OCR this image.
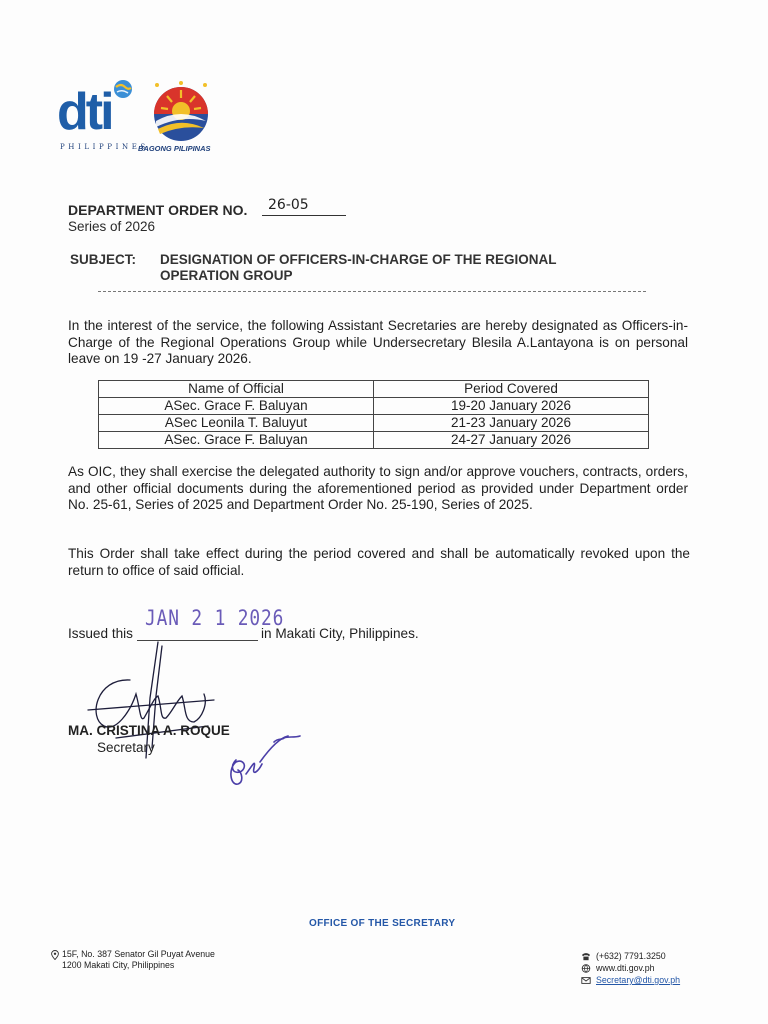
dti
PHILIPPINES
BAGONG PILIPINAS
DEPARTMENT ORDER NO.	26-05
Series of 2026
SUBJECT: DESIGNATION OF OFFICERS-IN-CHARGE OF THE REGIONAL OPERATION GROUP
In the interest of the service, the following Assistant Secretaries are hereby designated as Officers-in-Charge of the Regional Operations Group while Undersecretary Blesila A.Lantayona is on personal leave on 19 -27 January 2026.
Name of Official	Period Covered
ASec. Grace F. Baluyan	19-20 January 2026
ASec Leonila T. Baluyut	21-23 January 2026
ASec. Grace F. Baluyan	24-27 January 2026
As OIC, they shall exercise the delegated authority to sign and/or approve vouchers, contracts, orders, and other official documents during the aforementioned period as provided under Department order No. 25-61, Series of 2025 and Department Order No. 25-190, Series of 2025.
This Order shall take effect during the period covered and shall be automatically revoked upon the return to office of said official.
JAN 2 1 2026
Issued this	in Makati City, Philippines.
MA. CRISTINA A. ROQUE
Secretary
OFFICE OF THE SECRETARY
15F, No. 387 Senator Gil Puyat Avenue
1200 Makati City, Philippines
(+632) 7791.3250
www.dti.gov.ph
Secretary@dti.gov.ph
